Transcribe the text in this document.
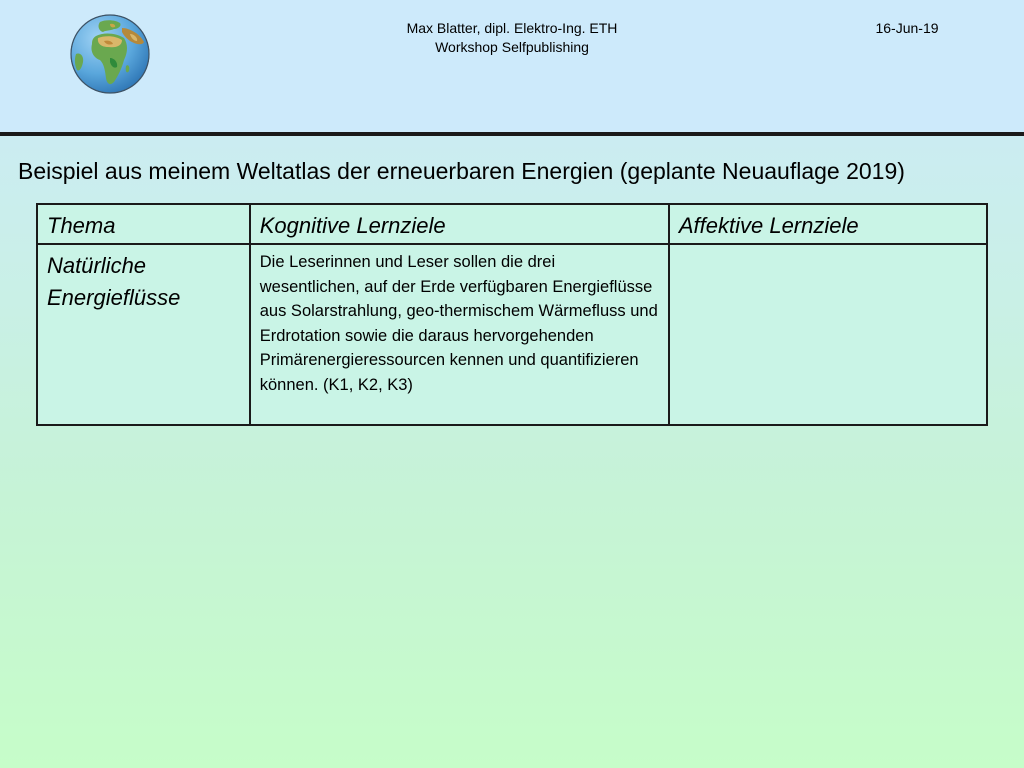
Max Blatter, dipl. Elektro-Ing. ETH
Workshop Selfpublishing
16-Jun-19
Beispiel aus meinem Weltatlas der erneuerbaren Energien (geplante Neuauflage 2019)
Thema	Kognitive Lernziele	Affektive Lernziele
Natürliche Energieflüsse	Die Leserinnen und Leser sollen die drei wesentlichen, auf der Erde verfügbaren Energieflüsse aus Solarstrahlung, geo-thermischem Wärmefluss und Erdrotation sowie die daraus hervorgehenden Primärenergieressourcen kennen und quantifizieren können. (K1, K2, K3)	
